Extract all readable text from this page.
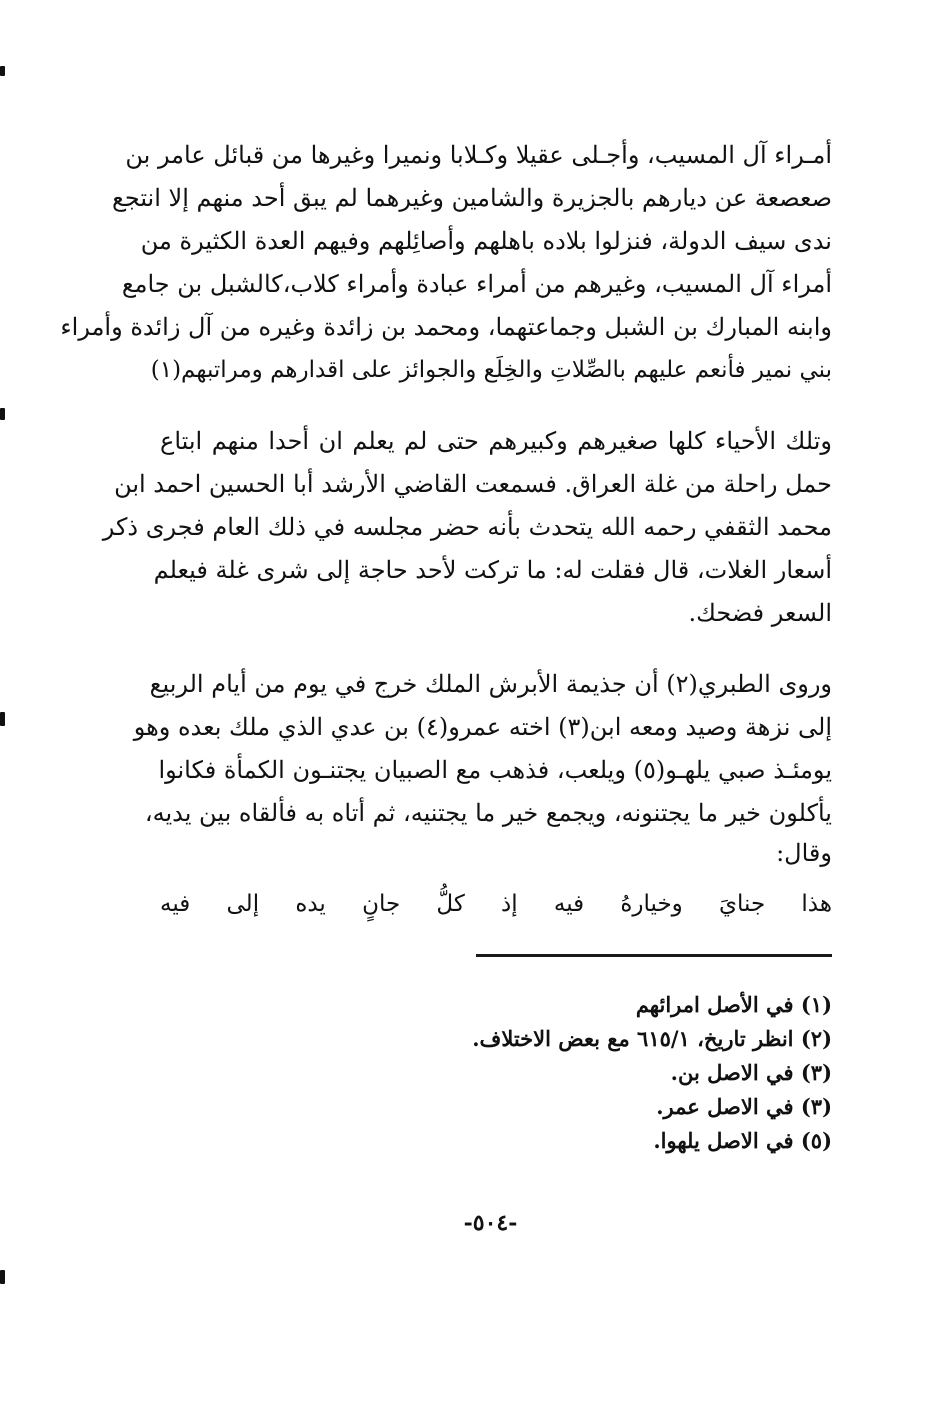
أمـراء آل المسيب، وأجـلى عقيلا وكـلابا ونميرا وغيرها من قبائل عامر بن
صعصعة عن ديارهم بالجزيرة والشامين وغيرهما لم يبق أحد منهم إلا انتجع
ندى سيف الدولة، فنزلوا بلاده باهلهم وأصائِلهم وفيهم العدة الكثيرة من
أمراء آل المسيب، وغيرهم من أمراء عبادة وأمراء كلاب،كالشبل بن جامع
وابنه المبارك بن الشبل وجماعتهما، ومحمد بن زائدة وغيره من آل زائدة وأمراء
بني نمير فأنعم عليهم بالصِّلاتِ والخِلَع والجوائز على اقدارهم ومراتبهم(١)
وتلك الأحياء كلها صغيرهم وكبيرهم حتى لم يعلم ان أحدا منهم ابتاع
حمل راحلة من غلة العراق. فسمعت القاضي الأرشد أبا الحسين احمد ابن
محمد الثقفي رحمه الله يتحدث بأنه حضر مجلسه في ذلك العام فجرى ذكر
أسعار الغلات، قال فقلت له: ما تركت لأحد حاجة إلى شرى غلة فيعلم
السعر فضحك.
وروى الطبري(٢) أن جذيمة الأبرش الملك خرج في يوم من أيام الربيع
إلى نزهة وصيد ومعه ابن(٣) اخته عمرو(٤) بن عدي الذي ملك بعده وهو
يومئـذ صبي يلهـو(٥) ويلعب، فذهب مع الصبيان يجتنـون الكمأة فكانوا
يأكلون خير ما يجتنونه، ويجمع خير ما يجتنيه، ثم أتاه به فألقاه بين يديه،
وقال:
هذا
جنايَ
وخيارهُ
فيه
إذ
كلُّ
جانٍ
يده
إلى
فيه
(١) في الأصل امرائهم
(٢) انظر تاريخ، ٦١٥/١ مع بعض الاختلاف.
(٣) في الاصل بن.
(٣) في الاصل عمر.
(٥) في الاصل يلهوا.
-٥٠٤-
